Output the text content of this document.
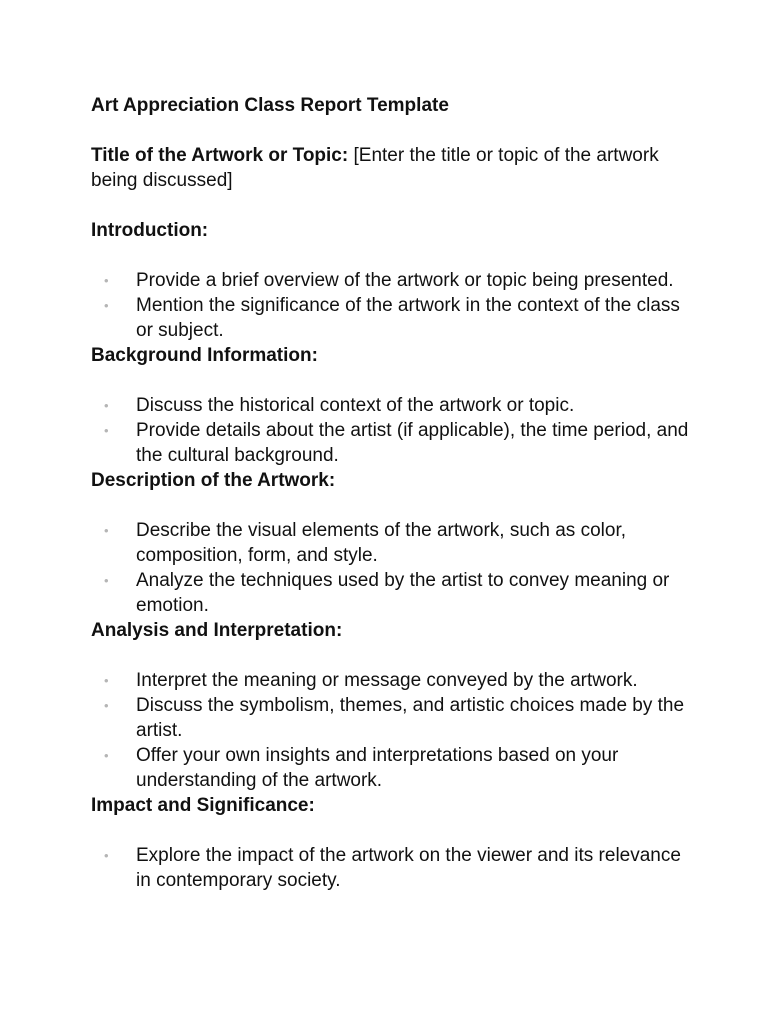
Art Appreciation Class Report Template

Title of the Artwork or Topic: [Enter the title or topic of the artwork being discussed]

Introduction:
• Provide a brief overview of the artwork or topic being presented.
• Mention the significance of the artwork in the context of the class or subject.
Background Information:
• Discuss the historical context of the artwork or topic.
• Provide details about the artist (if applicable), the time period, and the cultural background.
Description of the Artwork:
• Describe the visual elements of the artwork, such as color, composition, form, and style.
• Analyze the techniques used by the artist to convey meaning or emotion.
Analysis and Interpretation:
• Interpret the meaning or message conveyed by the artwork.
• Discuss the symbolism, themes, and artistic choices made by the artist.
• Offer your own insights and interpretations based on your understanding of the artwork.
Impact and Significance:
• Explore the impact of the artwork on the viewer and its relevance in contemporary society.
